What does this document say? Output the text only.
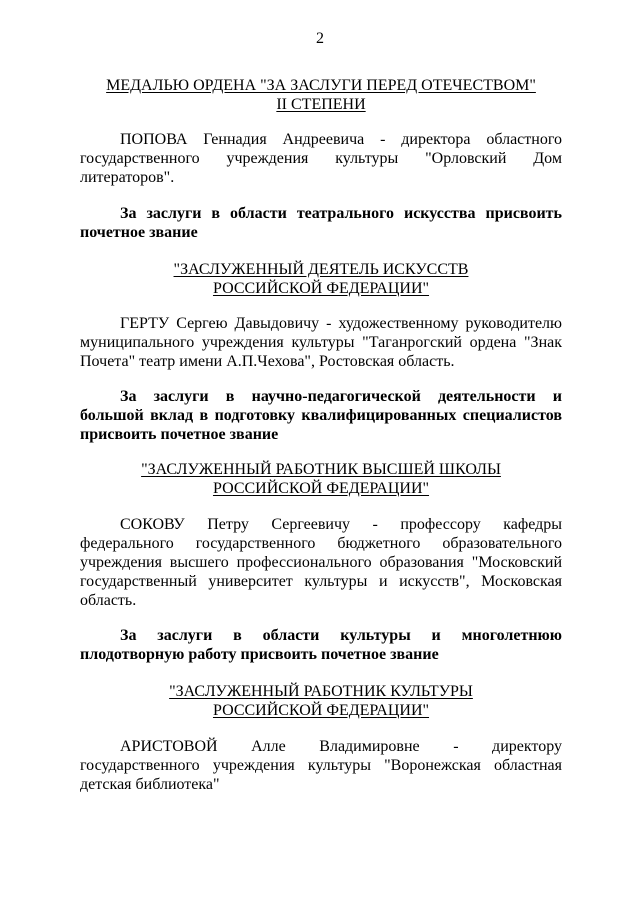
2
МЕДАЛЬЮ ОРДЕНА "ЗА ЗАСЛУГИ ПЕРЕД ОТЕЧЕСТВОМ"
II СТЕПЕНИ
ПОПОВА Геннадия Андреевича - директора областного
государственного учреждения культуры "Орловский Дом
литераторов".
За заслуги в области театрального искусства присвоить
почетное звание
"ЗАСЛУЖЕННЫЙ ДЕЯТЕЛЬ ИСКУССТВ
РОССИЙСКОЙ ФЕДЕРАЦИИ"
ГЕРТУ Сергею Давыдовичу - художественному руководителю
муниципального учреждения культуры "Таганрогский ордена "Знак
Почета" театр имени А.П.Чехова", Ростовская область.
За заслуги в научно-педагогической деятельности и
большой вклад в подготовку квалифицированных специалистов
присвоить почетное звание
"ЗАСЛУЖЕННЫЙ РАБОТНИК ВЫСШЕЙ ШКОЛЫ
РОССИЙСКОЙ ФЕДЕРАЦИИ"
СОКОВУ Петру Сергеевичу - профессору кафедры
федерального государственного бюджетного образовательного
учреждения высшего профессионального образования "Московский
государственный университет культуры и искусств", Московская
область.
За заслуги в области культуры и многолетнюю
плодотворную работу присвоить почетное звание
"ЗАСЛУЖЕННЫЙ РАБОТНИК КУЛЬТУРЫ
РОССИЙСКОЙ ФЕДЕРАЦИИ"
АРИСТОВОЙ Алле Владимировне - директору
государственного учреждения культуры "Воронежская областная
детская библиотека"
